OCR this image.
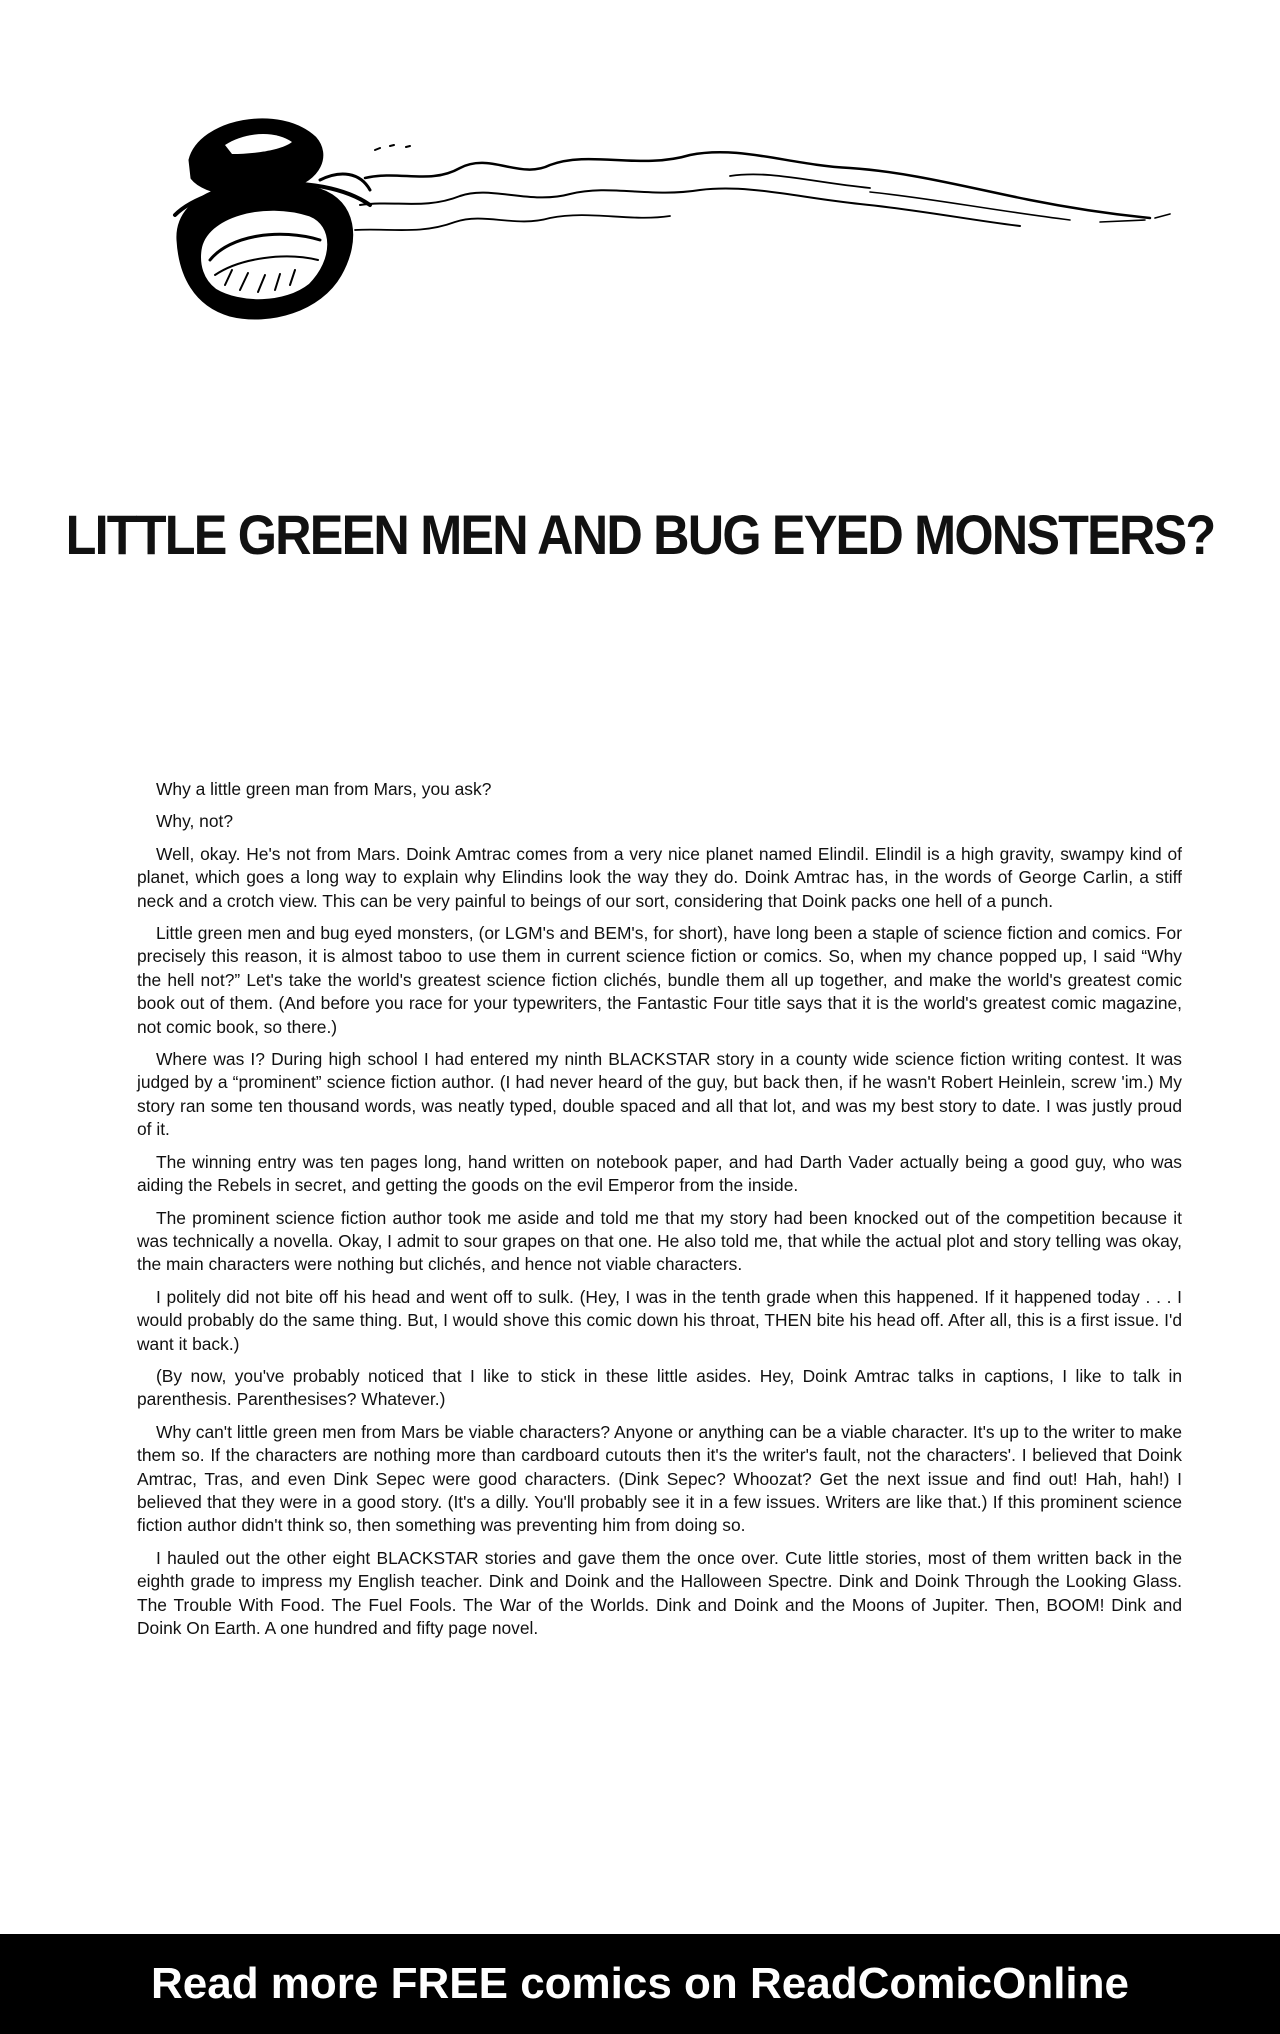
LITTLE GREEN MEN AND BUG EYED MONSTERS?

Why a little green man from Mars, you ask?

Why, not?

Well, okay. He's not from Mars. Doink Amtrac comes from a very nice planet named Elindil. Elindil is a high gravity, swampy kind of planet, which goes a long way to explain why Elindins look the way they do. Doink Amtrac has, in the words of George Carlin, a stiff neck and a crotch view. This can be very painful to beings of our sort, considering that Doink packs one hell of a punch.

Little green men and bug eyed monsters, (or LGM's and BEM's, for short), have long been a staple of science fiction and comics. For precisely this reason, it is almost taboo to use them in current science fiction or comics. So, when my chance popped up, I said “Why the hell not?” Let's take the world's greatest science fiction clichés, bundle them all up together, and make the world's greatest comic book out of them. (And before you race for your typewriters, the Fantastic Four title says that it is the world's greatest comic magazine, not comic book, so there.)

Where was I? During high school I had entered my ninth BLACKSTAR story in a county wide science fiction writing contest. It was judged by a “prominent” science fiction author. (I had never heard of the guy, but back then, if he wasn't Robert Heinlein, screw 'im.) My story ran some ten thousand words, was neatly typed, double spaced and all that lot, and was my best story to date. I was justly proud of it.

The winning entry was ten pages long, hand written on notebook paper, and had Darth Vader actually being a good guy, who was aiding the Rebels in secret, and getting the goods on the evil Emperor from the inside.

The prominent science fiction author took me aside and told me that my story had been knocked out of the competition because it was technically a novella. Okay, I admit to sour grapes on that one. He also told me, that while the actual plot and story telling was okay, the main characters were nothing but clichés, and hence not viable characters.

I politely did not bite off his head and went off to sulk. (Hey, I was in the tenth grade when this happened. If it happened today . . . I would probably do the same thing. But, I would shove this comic down his throat, THEN bite his head off. After all, this is a first issue. I'd want it back.)

(By now, you've probably noticed that I like to stick in these little asides. Hey, Doink Amtrac talks in captions, I like to talk in parenthesis. Parenthesises? Whatever.)

Why can't little green men from Mars be viable characters? Anyone or anything can be a viable character. It's up to the writer to make them so. If the characters are nothing more than cardboard cutouts then it's the writer's fault, not the characters'. I believed that Doink Amtrac, Tras, and even Dink Sepec were good characters. (Dink Sepec? Whoozat? Get the next issue and find out! Hah, hah!) I believed that they were in a good story. (It's a dilly. You'll probably see it in a few issues. Writers are like that.) If this prominent science fiction author didn't think so, then something was preventing him from doing so.

I hauled out the other eight BLACKSTAR stories and gave them the once over. Cute little stories, most of them written back in the eighth grade to impress my English teacher. Dink and Doink and the Halloween Spectre. Dink and Doink Through the Looking Glass. The Trouble With Food. The Fuel Fools. The War of the Worlds. Dink and Doink and the Moons of Jupiter. Then, BOOM! Dink and Doink On Earth. A one hundred and fifty page novel.

Read more FREE comics on ReadComicOnline
